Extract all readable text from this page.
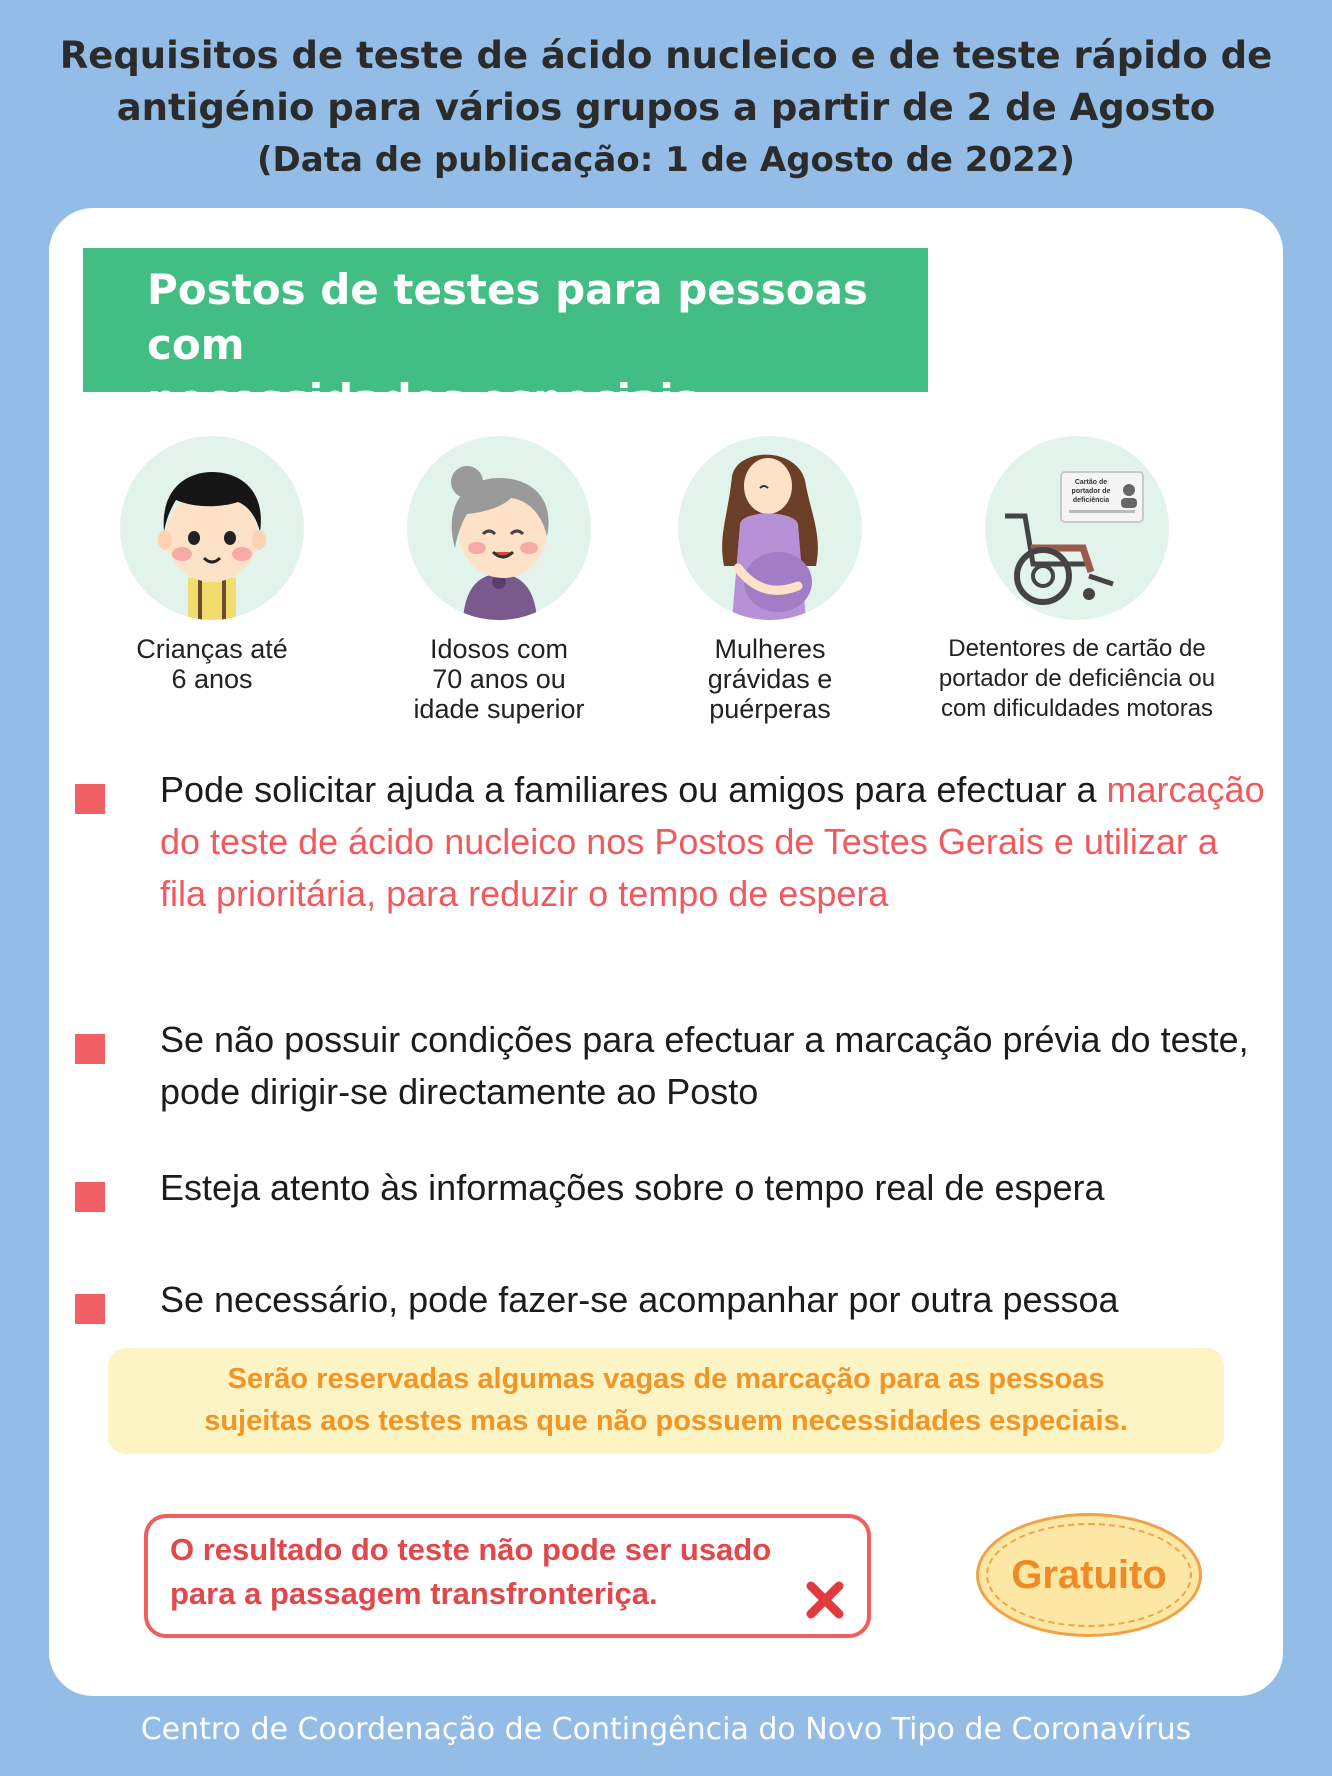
Requisitos de teste de ácido nucleico e de teste rápido de
antigénio para vários grupos a partir de 2 de Agosto
(Data de publicação: 1 de Agosto de 2022)
Postos de testes para pessoas com
necessidades especiais
Crianças até
6 anos
Idosos com
70 anos ou
idade superior
Mulheres
grávidas e
puérperas
Cartão de
portador de
deficiência
Detentores de cartão de
portador de deficiência ou
com dificuldades motoras
Pode solicitar ajuda a familiares ou amigos para efectuar a marcação do teste de ácido nucleico nos Postos de Testes Gerais e utilizar a fila prioritária, para reduzir o tempo de espera
Se não possuir condições para efectuar a marcação prévia do teste, pode dirigir-se directamente ao Posto
Esteja atento às informações sobre o tempo real de espera
Se necessário, pode fazer-se acompanhar por outra pessoa
Serão reservadas algumas vagas de marcação para as pessoas
sujeitas aos testes mas que não possuem necessidades especiais.
O resultado do teste não pode ser usado
para a passagem transfronteriça.	Gratuito
Centro de Coordenação de Contingência do Novo Tipo de Coronavírus
